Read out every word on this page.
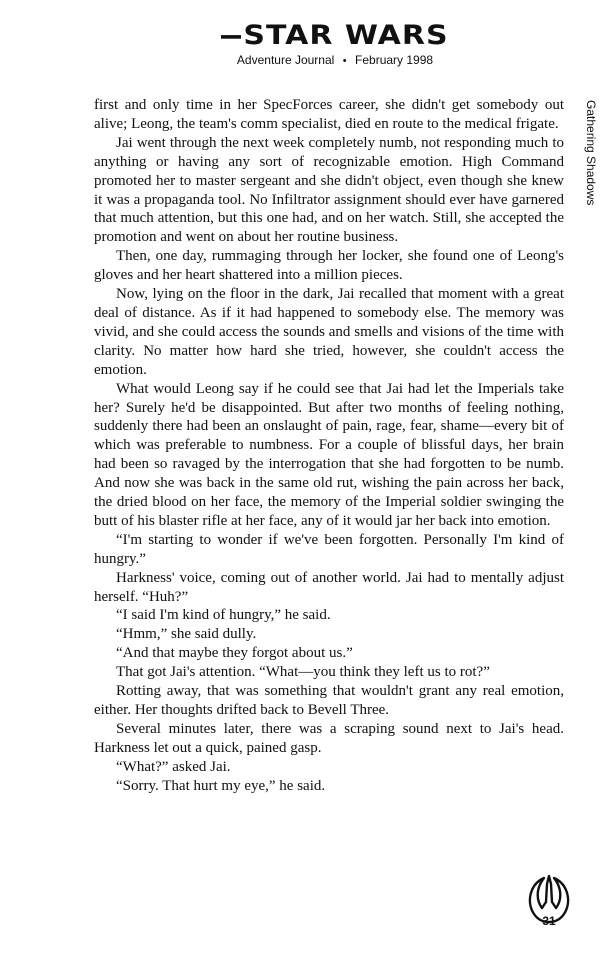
STAR WARS
Adventure Journal • February 1998
Gathering Shadows

first and only time in her SpecForces career, she didn't get somebody out alive; Leong, the team's comm specialist, died en route to the medical frigate.

Jai went through the next week completely numb, not responding much to anything or having any sort of recognizable emotion. High Command promoted her to master sergeant and she didn't object, even though she knew it was a propaganda tool. No Infiltrator assignment should ever have garnered that much attention, but this one had, and on her watch. Still, she accepted the promotion and went on about her routine business.

Then, one day, rummaging through her locker, she found one of Leong's gloves and her heart shattered into a million pieces.

Now, lying on the floor in the dark, Jai recalled that moment with a great deal of distance. As if it had happened to somebody else. The memory was vivid, and she could access the sounds and smells and visions of the time with clarity. No matter how hard she tried, however, she couldn't access the emotion.

What would Leong say if he could see that Jai had let the Imperials take her? Surely he'd be disappointed. But after two months of feeling nothing, suddenly there had been an onslaught of pain, rage, fear, shame—every bit of which was preferable to numbness. For a couple of blissful days, her brain had been so ravaged by the interrogation that she had forgotten to be numb. And now she was back in the same old rut, wishing the pain across her back, the dried blood on her face, the memory of the Imperial soldier swinging the butt of his blaster rifle at her face, any of it would jar her back into emotion.

“I'm starting to wonder if we've been forgotten. Personally I'm kind of hungry.”

Harkness' voice, coming out of another world. Jai had to mentally adjust herself. “Huh?”

“I said I'm kind of hungry,” he said.

“Hmm,” she said dully.

“And that maybe they forgot about us.”

That got Jai's attention. “What—you think they left us to rot?”

Rotting away, that was something that wouldn't grant any real emotion, either. Her thoughts drifted back to Bevell Three.

Several minutes later, there was a scraping sound next to Jai's head. Harkness let out a quick, pained gasp.

“What?” asked Jai.

“Sorry. That hurt my eye,” he said.

31
